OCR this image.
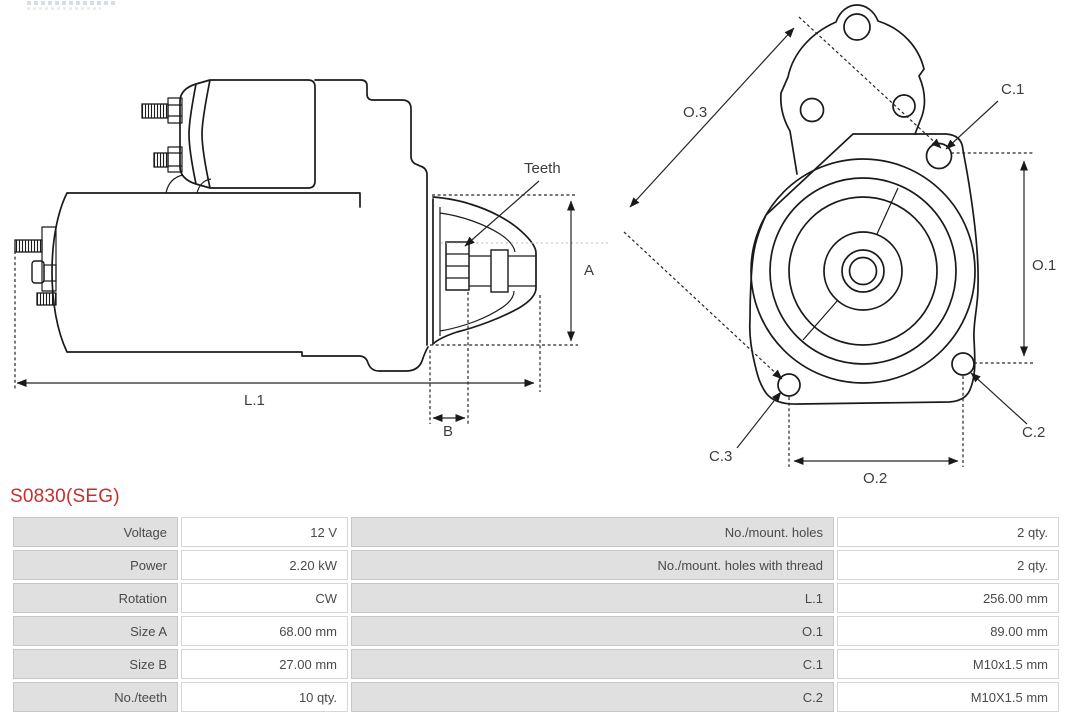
A
L.1
B
Teeth
O.3
C.1
O.1
C.2
C.3
O.2
S0830(SEG)
Voltage	12 V	No./mount. holes	2 qty.
Power	2.20 kW	No./mount. holes with thread	2 qty.
Rotation	CW	L.1	256.00 mm
Size A	68.00 mm	O.1	89.00 mm
Size B	27.00 mm	C.1	M10x1.5 mm
No./teeth	10 qty.	C.2	M10X1.5 mm
